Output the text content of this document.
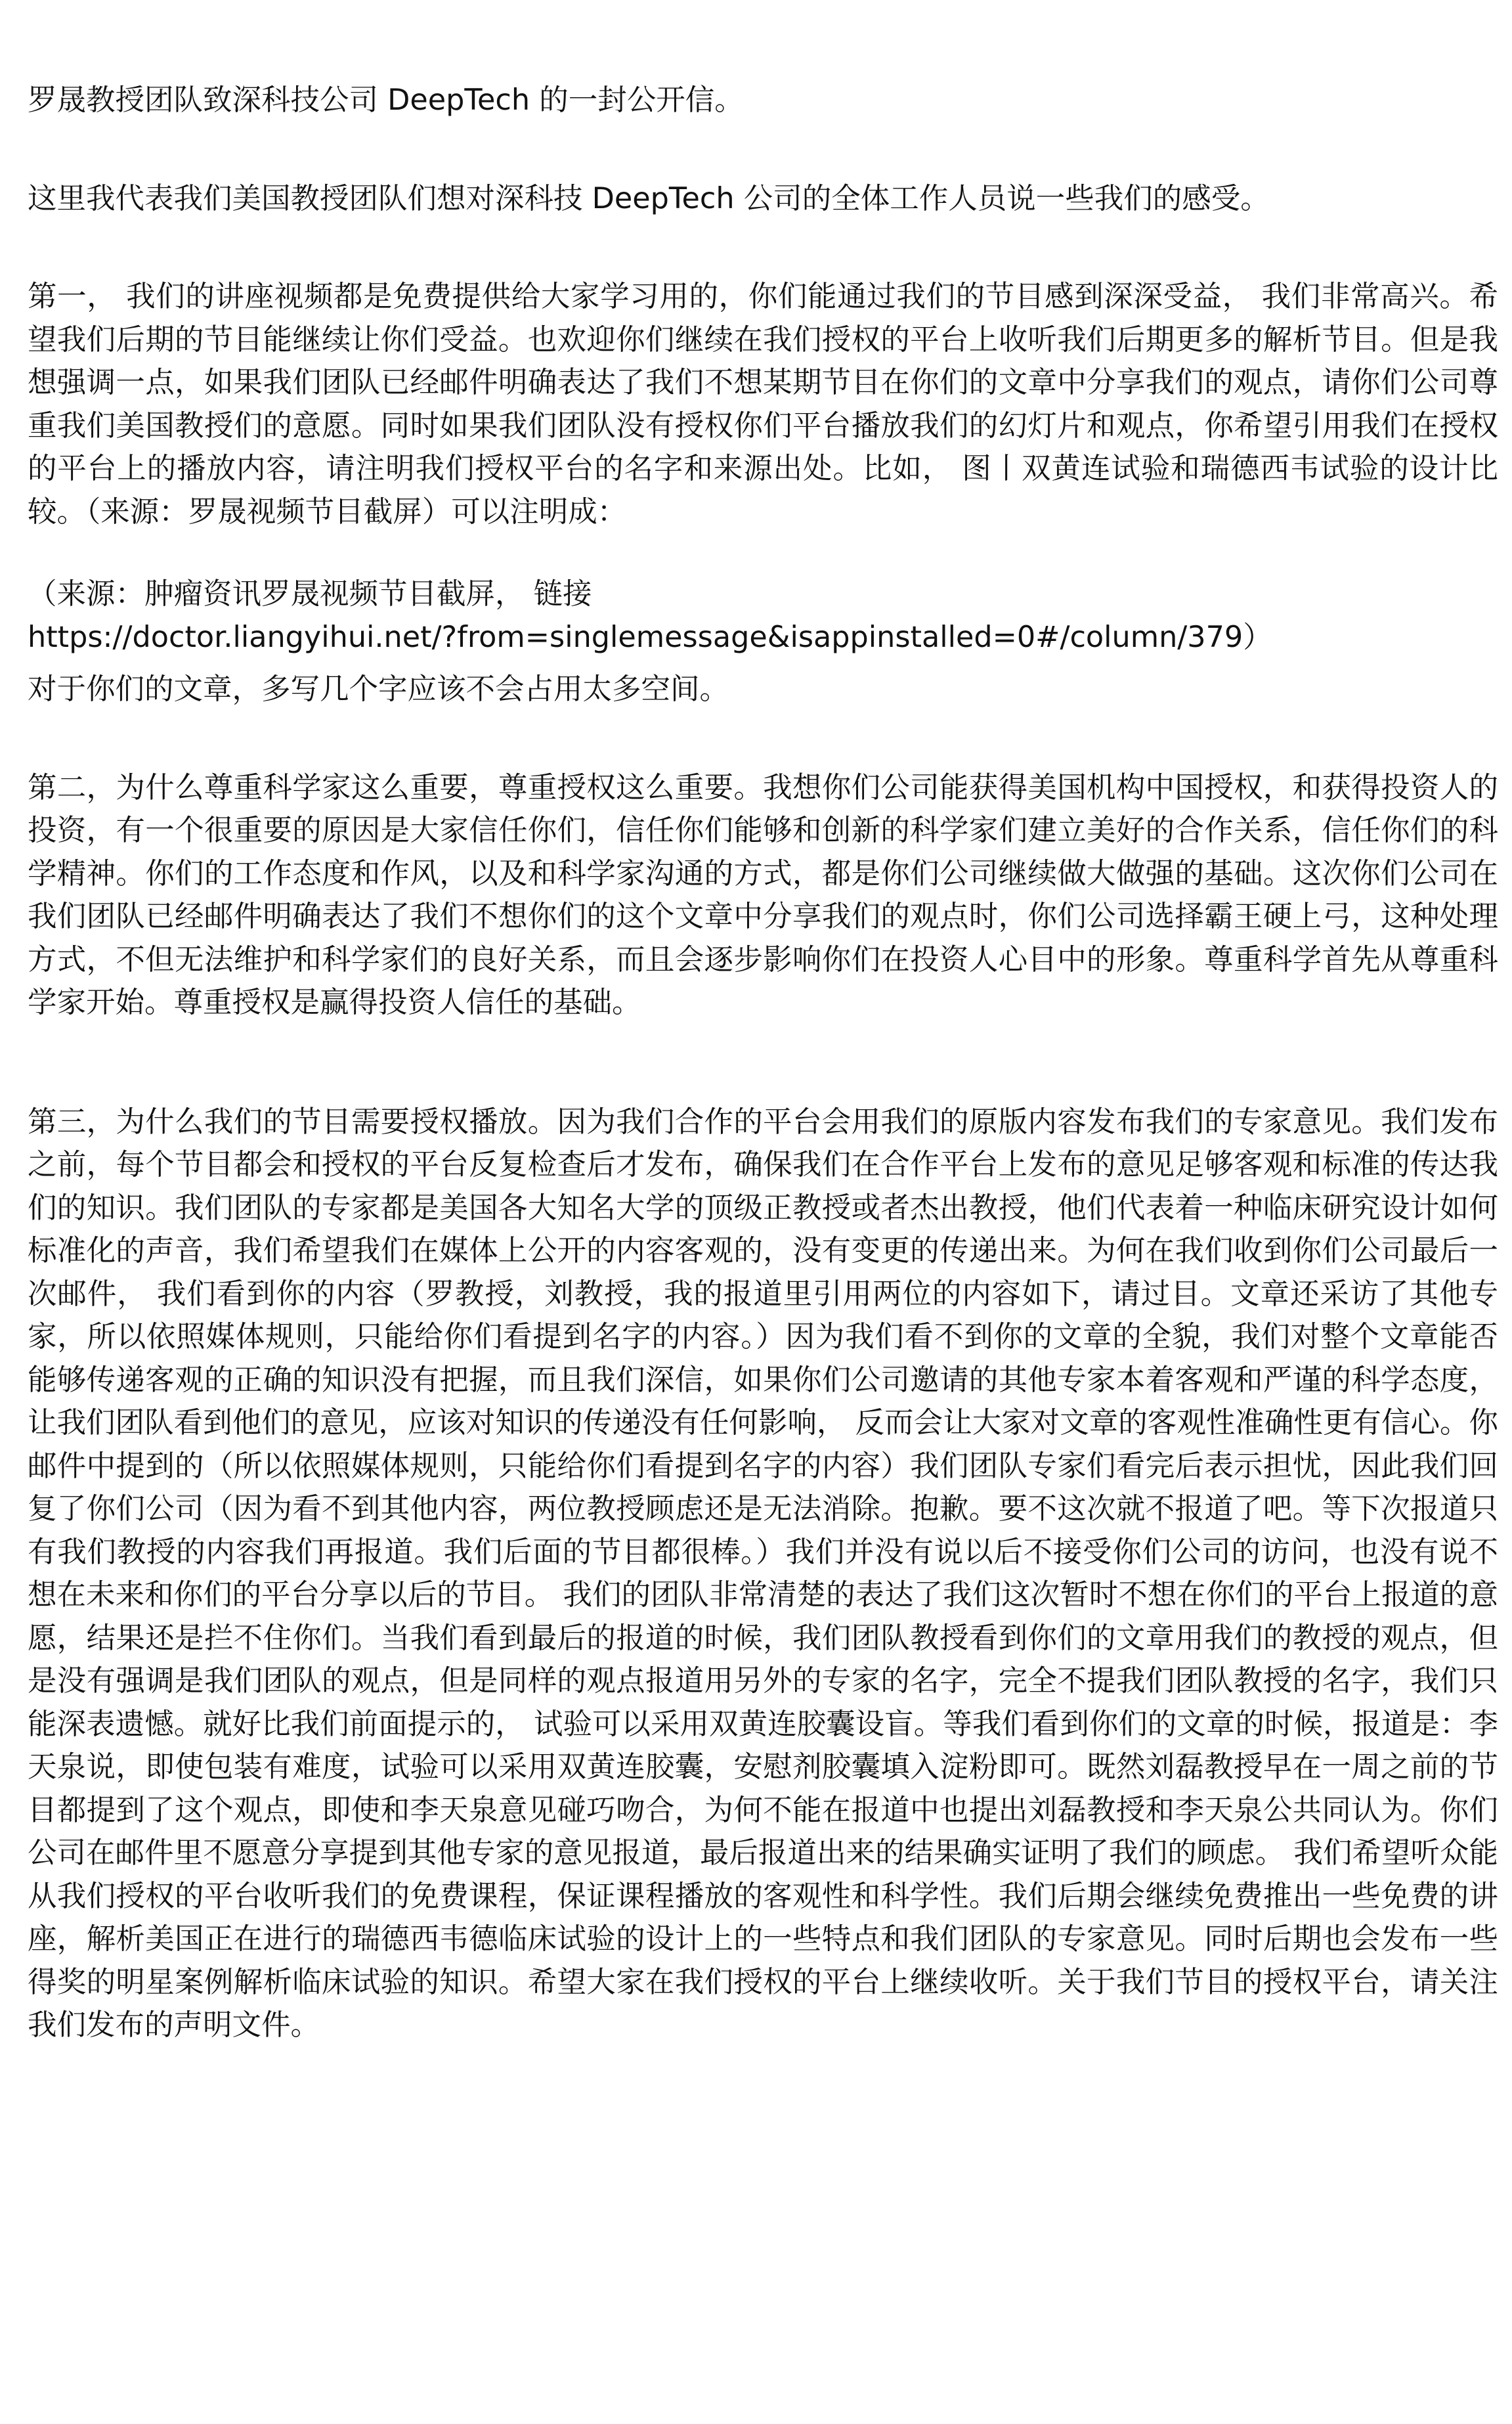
罗晟教授团队致深科技公司 DeepTech 的一封公开信。

这里我代表我们美国教授团队们想对深科技 DeepTech 公司的全体工作人员说一些我们的感受。

第一， 我们的讲座视频都是免费提供给大家学习用的，你们能通过我们的节目感到深深受益， 我们非常高兴。希望我们后期的节目能继续让你们受益。也欢迎你们继续在我们授权的平台上收听我们后期更多的解析节目。但是我想强调一点，如果我们团队已经邮件明确表达了我们不想某期节目在你们的文章中分享我们的观点，请你们公司尊重我们美国教授们的意愿。同时如果我们团队没有授权你们平台播放我们的幻灯片和观点，你希望引用我们在授权的平台上的播放内容，请注明我们授权平台的名字和来源出处。比如， 图丨双黄连试验和瑞德西韦试验的设计比较。（来源：罗晟视频节目截屏）可以注明成：

（来源：肿瘤资讯罗晟视频节目截屏， 链接
https://doctor.liangyihui.net/?from=singlemessage&isappinstalled=0#/column/379）

对于你们的文章，多写几个字应该不会占用太多空间。

第二，为什么尊重科学家这么重要，尊重授权这么重要。我想你们公司能获得美国机构中国授权，和获得投资人的投资，有一个很重要的原因是大家信任你们，信任你们能够和创新的科学家们建立美好的合作关系，信任你们的科学精神。你们的工作态度和作风，以及和科学家沟通的方式，都是你们公司继续做大做强的基础。这次你们公司在我们团队已经邮件明确表达了我们不想你们的这个文章中分享我们的观点时，你们公司选择霸王硬上弓，这种处理方式，不但无法维护和科学家们的良好关系，而且会逐步影响你们在投资人心目中的形象。尊重科学首先从尊重科学家开始。尊重授权是赢得投资人信任的基础。

第三，为什么我们的节目需要授权播放。因为我们合作的平台会用我们的原版内容发布我们的专家意见。我们发布之前，每个节目都会和授权的平台反复检查后才发布，确保我们在合作平台上发布的意见足够客观和标准的传达我们的知识。我们团队的专家都是美国各大知名大学的顶级正教授或者杰出教授，他们代表着一种临床研究设计如何标准化的声音，我们希望我们在媒体上公开的内容客观的，没有变更的传递出来。为何在我们收到你们公司最后一次邮件， 我们看到你的内容（罗教授，刘教授，我的报道里引用两位的内容如下，请过目。文章还采访了其他专家，所以依照媒体规则，只能给你们看提到名字的内容。）因为我们看不到你的文章的全貌，我们对整个文章能否能够传递客观的正确的知识没有把握，而且我们深信，如果你们公司邀请的其他专家本着客观和严谨的科学态度，让我们团队看到他们的意见，应该对知识的传递没有任何影响， 反而会让大家对文章的客观性准确性更有信心。你邮件中提到的（所以依照媒体规则，只能给你们看提到名字的内容）我们团队专家们看完后表示担忧，因此我们回复了你们公司（因为看不到其他内容，两位教授顾虑还是无法消除。抱歉。要不这次就不报道了吧。等下次报道只有我们教授的内容我们再报道。我们后面的节目都很棒。）我们并没有说以后不接受你们公司的访问，也没有说不想在未来和你们的平台分享以后的节目。 我们的团队非常清楚的表达了我们这次暂时不想在你们的平台上报道的意愿，结果还是拦不住你们。当我们看到最后的报道的时候，我们团队教授看到你们的文章用我们的教授的观点，但是没有强调是我们团队的观点，但是同样的观点报道用另外的专家的名字，完全不提我们团队教授的名字，我们只能深表遗憾。就好比我们前面提示的， 试验可以采用双黄连胶囊设盲。等我们看到你们的文章的时候，报道是：李天泉说，即使包装有难度，试验可以采用双黄连胶囊，安慰剂胶囊填入淀粉即可。既然刘磊教授早在一周之前的节目都提到了这个观点，即使和李天泉意见碰巧吻合，为何不能在报道中也提出刘磊教授和李天泉公共同认为。你们公司在邮件里不愿意分享提到其他专家的意见报道，最后报道出来的结果确实证明了我们的顾虑。 我们希望听众能从我们授权的平台收听我们的免费课程，保证课程播放的客观性和科学性。我们后期会继续免费推出一些免费的讲座，解析美国正在进行的瑞德西韦德临床试验的设计上的一些特点和我们团队的专家意见。同时后期也会发布一些得奖的明星案例解析临床试验的知识。希望大家在我们授权的平台上继续收听。关于我们节目的授权平台，请关注我们发布的声明文件。
